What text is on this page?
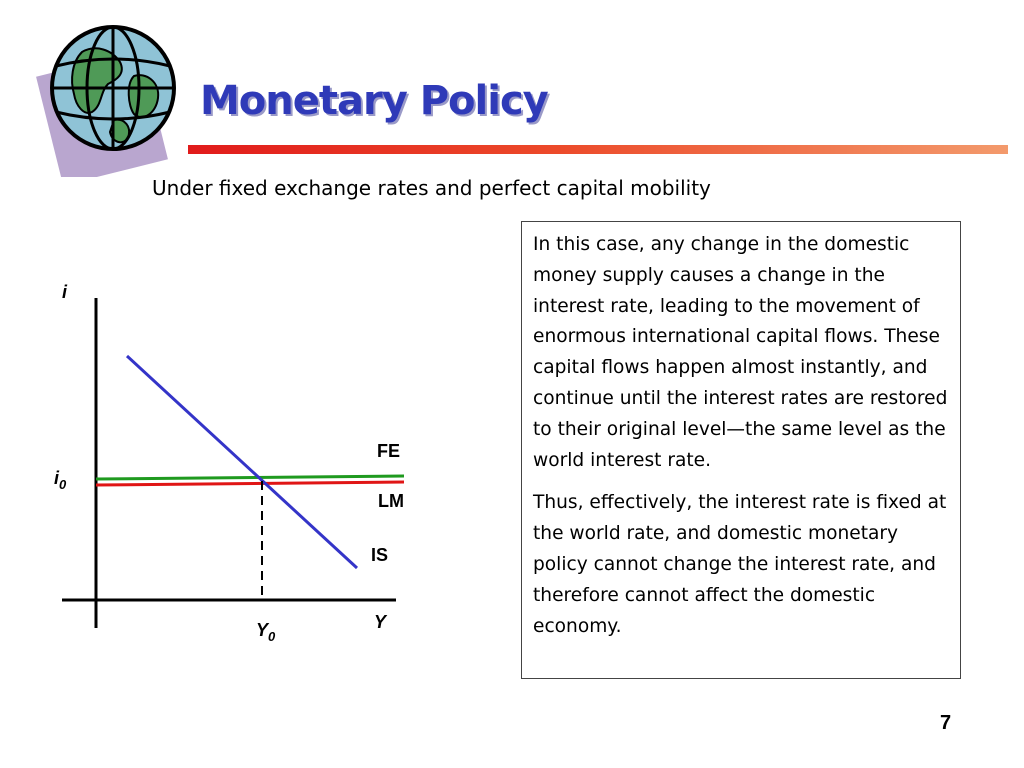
Monetary Policy
Under fixed exchange rates and perfect capital mobility
i
Y
$i_0$
$Y_0$
FE
LM
IS

In this case, any change in the domestic money supply causes a change in the interest rate, leading to the movement of enormous international capital flows. These capital flows happen almost instantly, and continue until the interest rates are restored to their original level—the same level as the world interest rate.

Thus, effectively, the interest rate is fixed at the world rate, and domestic monetary policy cannot change the interest rate, and therefore cannot affect the domestic economy.

7
